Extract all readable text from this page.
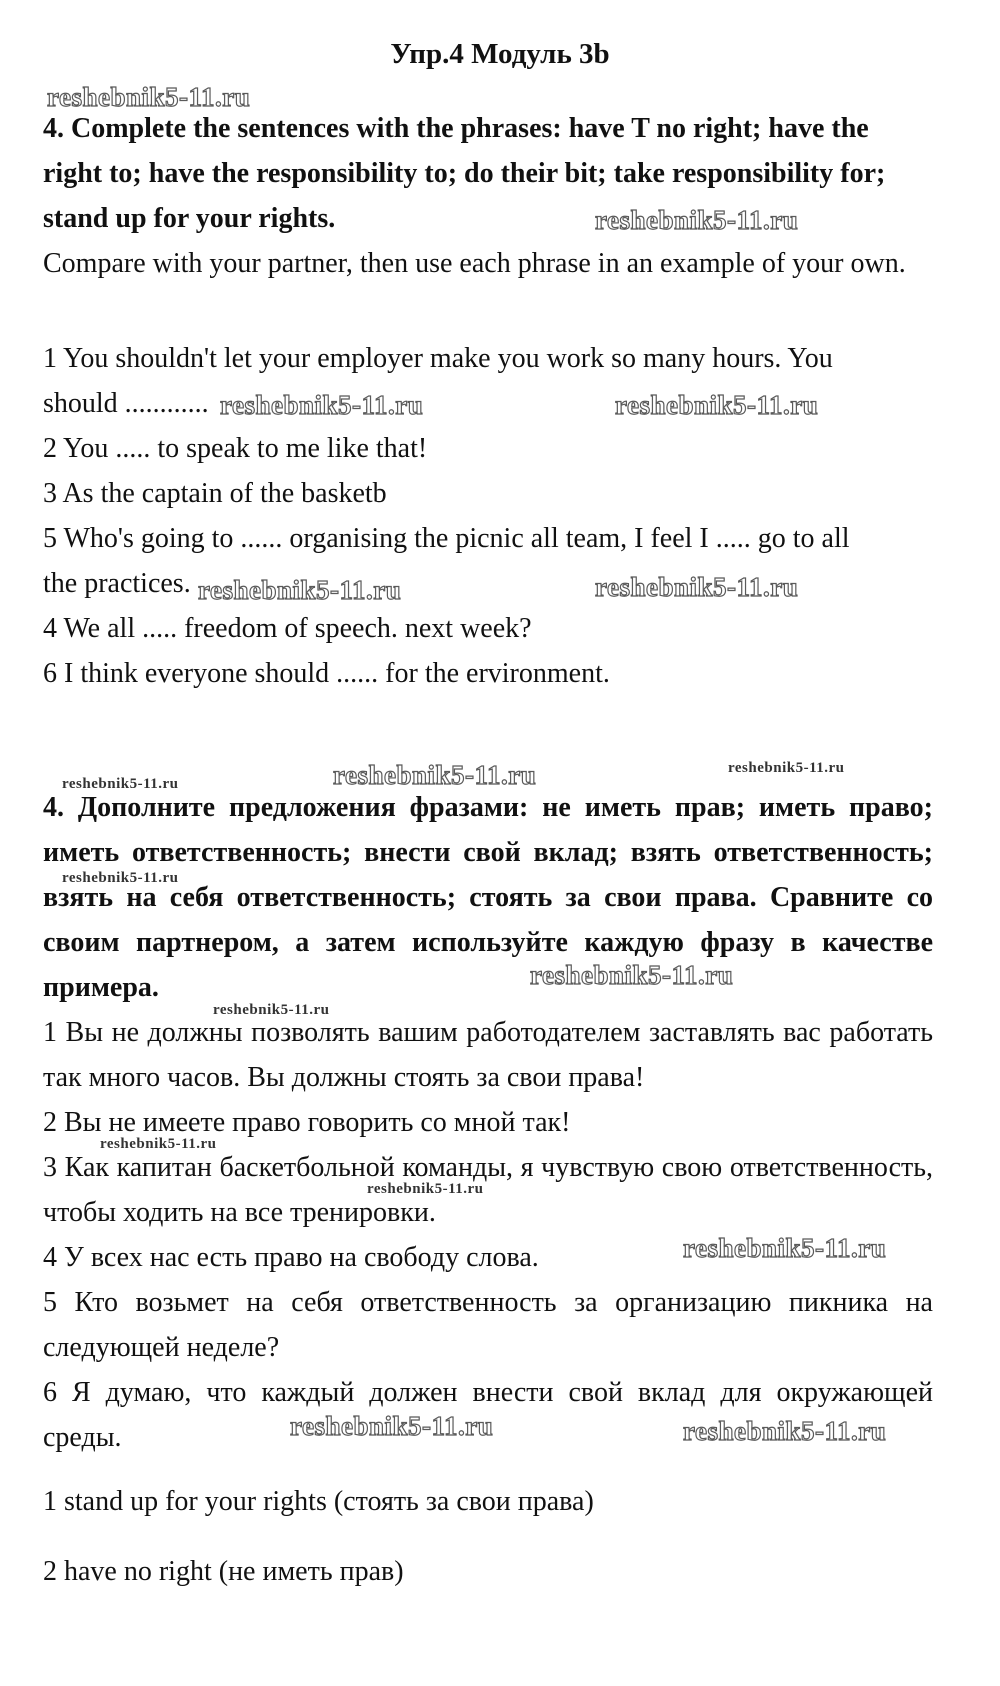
Упр.4 Модуль 3b
4. Complete the sentences with the phrases: have T no right; have the right to; have the responsibility to; do their bit; take responsibility for; stand up for your rights.
Compare with your partner, then use each phrase in an example of your own.
1 You shouldn't let your employer make you work so many hours. You
should ............
2 You ..... to speak to me like that!
3 As the captain of the basketb
5 Who's going to ...... organising the picnic all team, I feel I ..... go to all
the practices.
4 We all ..... freedom of speech. next week?
6 I think everyone should ...... for the ervironment.
4. Дополните предложения фразами: не иметь прав; иметь право; иметь ответственность; внести свой вклад; взять ответственность; взять на себя ответственность; стоять за свои права. Сравните со своим партнером, а затем используйте каждую фразу в качестве примера.
1 Вы не должны позволять вашим работодателем заставлять вас работать так много часов. Вы должны стоять за свои права!
2 Вы не имеете право говорить со мной так!
3 Как капитан баскетбольной команды, я чувствую свою ответственность, чтобы ходить на все тренировки.
4 У всех нас есть право на свободу слова.
5 Кто возьмет на себя ответственность за организацию пикника на следующей неделе?
6 Я думаю, что каждый должен внести свой вклад для окружающей среды.
1 stand up for your rights (стоять за свои права)
2 have no right (не иметь прав)
reshebnik5-11.ru
reshebnik5-11.ru
reshebnik5-11.ru	reshebnik5-11.ru
reshebnik5-11.ru	reshebnik5-11.ru
reshebnik5-11.ru	reshebnik5-11.ru	reshebnik5-11.ru
reshebnik5-11.ru
reshebnik5-11.ru
reshebnik5-11.ru
reshebnik5-11.ru
reshebnik5-11.ru
reshebnik5-11.ru
reshebnik5-11.ru	reshebnik5-11.ru
